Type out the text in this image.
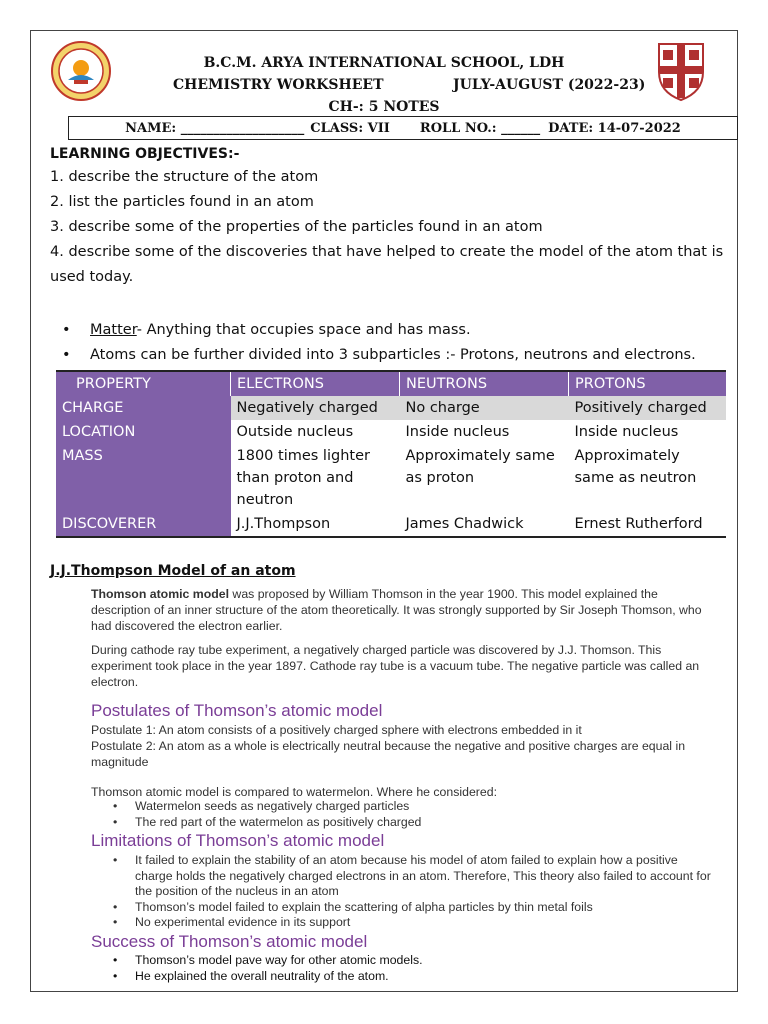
B.C.M. ARYA INTERNATIONAL SCHOOL, LDH
CHEMISTRY WORKSHEET	JULY-AUGUST (2022-23)
CH-: 5 NOTES
NAME: ___________________ CLASS: VII ROLL NO.: ______ DATE: 14-07-2022
LEARNING OBJECTIVES:-
1. describe the structure of the atom
2. list the particles found in an atom
3. describe some of the properties of the particles found in an atom
4. describe some of the discoveries that have helped to create the model of the atom that is used today.
•	Matter- Anything that occupies space and has mass.
•	Atoms can be further divided into 3 subparticles :- Protons, neutrons and electrons.
PROPERTY	ELECTRONS	NEUTRONS	PROTONS
CHARGE	Negatively charged	No charge	Positively charged
LOCATION	Outside nucleus	Inside nucleus	Inside nucleus
MASS	1800 times lighter than proton and neutron	Approximately same as proton	Approximately same as neutron
DISCOVERER	J.J.Thompson	James Chadwick	Ernest Rutherford
J.J.Thompson Model of an atom
Thomson atomic model was proposed by William Thomson in the year 1900. This model explained the description of an inner structure of the atom theoretically. It was strongly supported by Sir Joseph Thomson, who had discovered the electron earlier.
During cathode ray tube experiment, a negatively charged particle was discovered by J.J. Thomson. This experiment took place in the year 1897. Cathode ray tube is a vacuum tube. The negative particle was called an electron.
Postulates of Thomson’s atomic model
Postulate 1: An atom consists of a positively charged sphere with electrons embedded in it
Postulate 2: An atom as a whole is electrically neutral because the negative and positive charges are equal in magnitude
Thomson atomic model is compared to watermelon. Where he considered:
•	Watermelon seeds as negatively charged particles
•	The red part of the watermelon as positively charged
Limitations of Thomson’s atomic model
•	It failed to explain the stability of an atom because his model of atom failed to explain how a positive charge holds the negatively charged electrons in an atom. Therefore, This theory also failed to account for the position of the nucleus in an atom
•	Thomson’s model failed to explain the scattering of alpha particles by thin metal foils
•	No experimental evidence in its support
Success of Thomson’s atomic model
•	Thomson’s model pave way for other atomic models.
•	He explained the overall neutrality of the atom.
